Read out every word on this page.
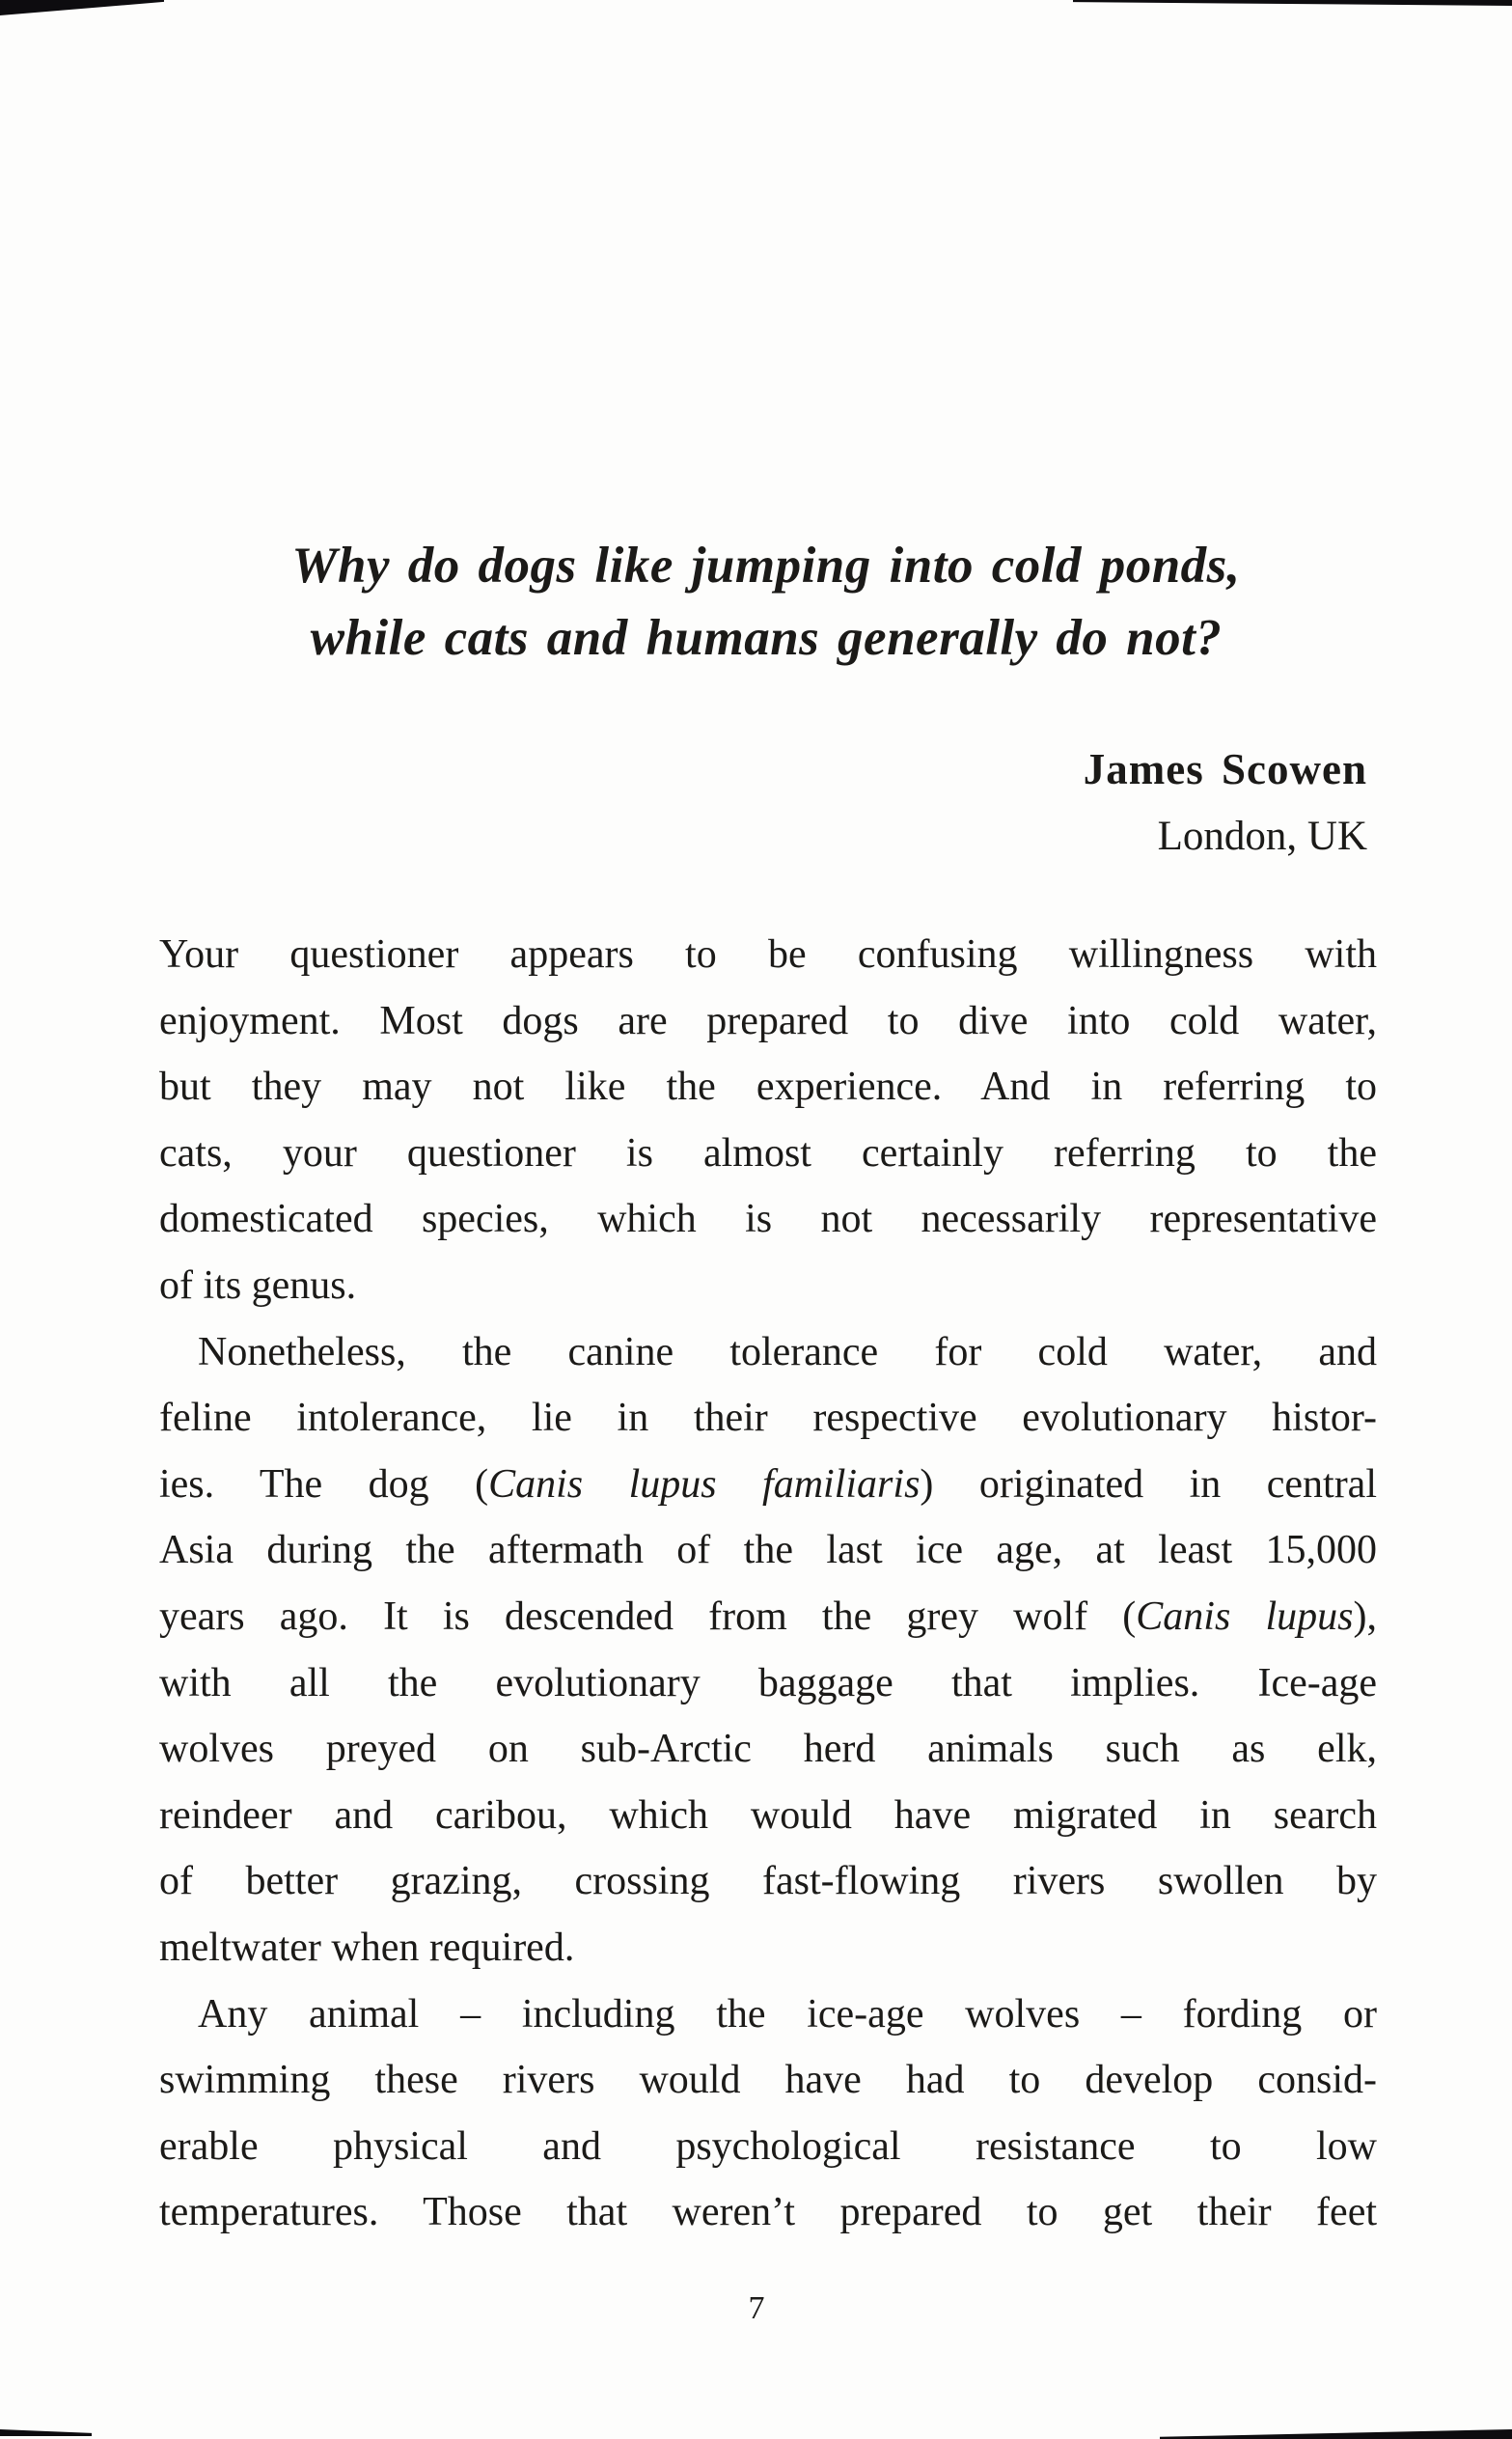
Why do dogs like jumping into cold ponds,
while cats and humans generally do not?
James Scowen
London, UK
Your questioner appears to be confusing willingness with
enjoyment. Most dogs are prepared to dive into cold water,
but they may not like the experience. And in referring to
cats, your questioner is almost certainly referring to the
domesticated species, which is not necessarily representative
of its genus.
Nonetheless, the canine tolerance for cold water, and
feline intolerance, lie in their respective evolutionary histor-
ies. The dog (Canis lupus familiaris) originated in central
Asia during the aftermath of the last ice age, at least 15,000
years ago. It is descended from the grey wolf (Canis lupus),
with all the evolutionary baggage that implies. Ice-age
wolves preyed on sub-Arctic herd animals such as elk,
reindeer and caribou, which would have migrated in search
of better grazing, crossing fast-flowing rivers swollen by
meltwater when required.
Any animal – including the ice-age wolves – fording or
swimming these rivers would have had to develop consid-
erable physical and psychological resistance to low
temperatures. Those that weren’t prepared to get their feet
7
